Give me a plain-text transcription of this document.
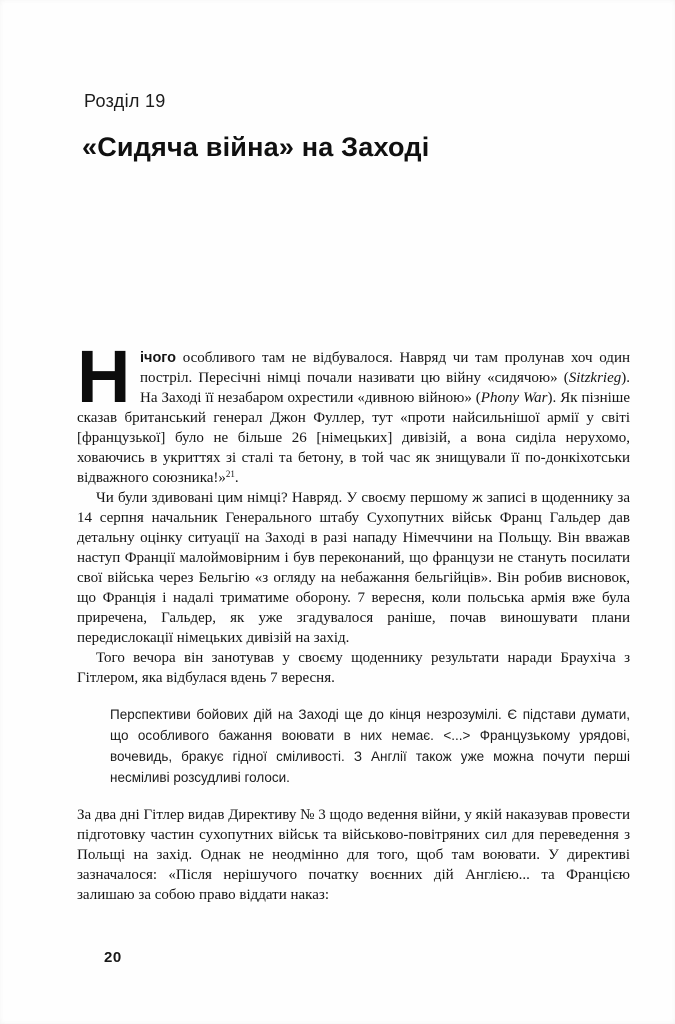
Розділ 19
«Сидяча війна» на Заході

Нічого особливого там не відбувалося. Навряд чи там пролунав хоч один постріл. Пересічні німці почали називати цю війну «сидячою» (Sitzkrieg). На Заході її незабаром охрестили «дивною війною» (Phony War). Як пізніше сказав британський генерал Джон Фуллер, тут «проти найсильнішої армії у світі [французької] було не більше 26 [німецьких] дивізій, а вона сиділа нерухомо, ховаючись в укриттях зі сталі та бетону, в той час як знищували її по-донкіхотськи відважного союзника!»$^{21}$.

Чи були здивовані цим німці? Навряд. У своєму першому ж записі в щоденнику за 14 серпня начальник Генерального штабу Сухопутних військ Франц Гальдер дав детальну оцінку ситуації на Заході в разі нападу Німеччини на Польщу. Він вважав наступ Франції малоймовірним і був переконаний, що французи не стануть посилати свої війська через Бельгію «з огляду на небажання бельгійців». Він робив висновок, що Франція і надалі триматиме оборону. 7 вересня, коли польська армія вже була приречена, Гальдер, як уже згадувалося раніше, почав виношувати плани передислокації німецьких дивізій на захід.

Того вечора він занотував у своєму щоденнику результати наради Браухіча з Гітлером, яка відбулася вдень 7 вересня.

Перспективи бойових дій на Заході ще до кінця незрозумілі. Є підстави думати, що особливого бажання воювати в них немає. <...> Французькому урядові, вочевидь, бракує гідної сміливості. З Англії також уже можна почути перші несміливі розсудливі голоси.

За два дні Гітлер видав Директиву № 3 щодо ведення війни, у якій наказував провести підготовку частин сухопутних військ та військово-повітряних сил для переведення з Польщі на захід. Однак не неодмінно для того, щоб там воювати. У директиві зазначалося: «Після нерішучого початку воєнних дій Англією... та Францією залишаю за собою право віддати наказ:

20
